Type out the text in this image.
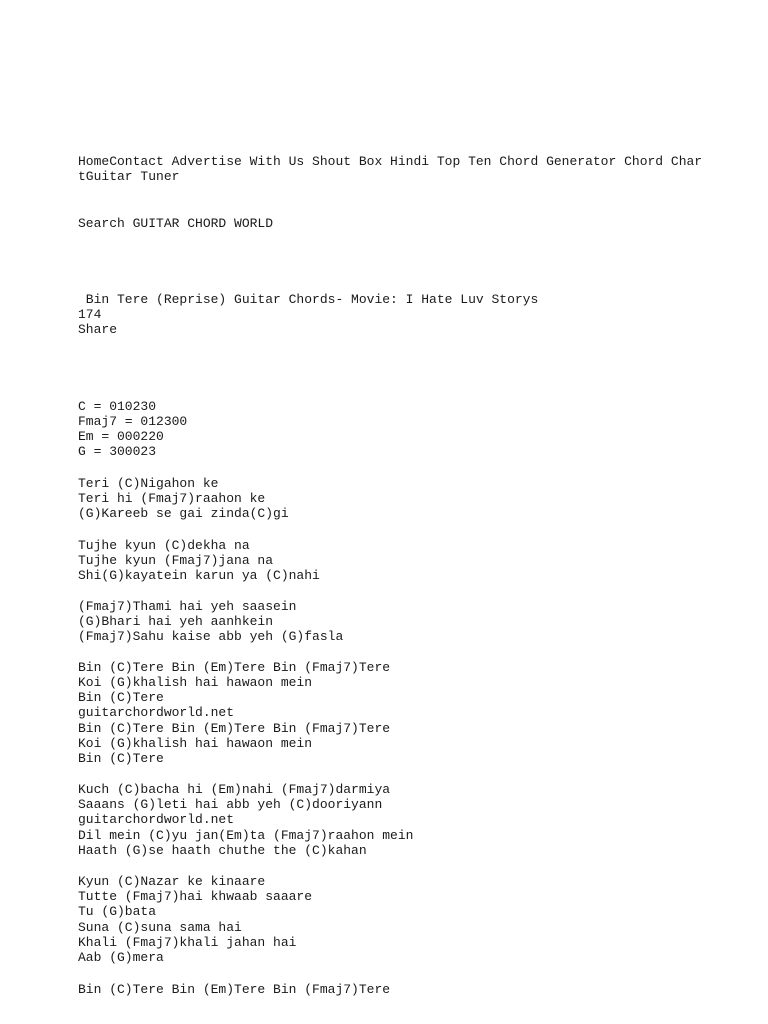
HomeContact Advertise With Us Shout Box Hindi Top Ten Chord Generator Chord Char
tGuitar Tuner
Search GUITAR CHORD WORLD
Bin Tere (Reprise) Guitar Chords- Movie: I Hate Luv Storys
174
Share
C = 010230
Fmaj7 = 012300
Em = 000220
G = 300023
Teri (C)Nigahon ke
Teri hi (Fmaj7)raahon ke
(G)Kareeb se gai zinda(C)gi
Tujhe kyun (C)dekha na
Tujhe kyun (Fmaj7)jana na
Shi(G)kayatein karun ya (C)nahi
(Fmaj7)Thami hai yeh saasein
(G)Bhari hai yeh aanhkein
(Fmaj7)Sahu kaise abb yeh (G)fasla
Bin (C)Tere Bin (Em)Tere Bin (Fmaj7)Tere
Koi (G)khalish hai hawaon mein
Bin (C)Tere
guitarchordworld.net
Bin (C)Tere Bin (Em)Tere Bin (Fmaj7)Tere
Koi (G)khalish hai hawaon mein
Bin (C)Tere
Kuch (C)bacha hi (Em)nahi (Fmaj7)darmiya
Saaans (G)leti hai abb yeh (C)dooriyann
guitarchordworld.net
Dil mein (C)yu jan(Em)ta (Fmaj7)raahon mein
Haath (G)se haath chuthe the (C)kahan
Kyun (C)Nazar ke kinaare
Tutte (Fmaj7)hai khwaab saaare
Tu (G)bata
Suna (C)suna sama hai
Khali (Fmaj7)khali jahan hai
Aab (G)mera
Bin (C)Tere Bin (Em)Tere Bin (Fmaj7)Tere
